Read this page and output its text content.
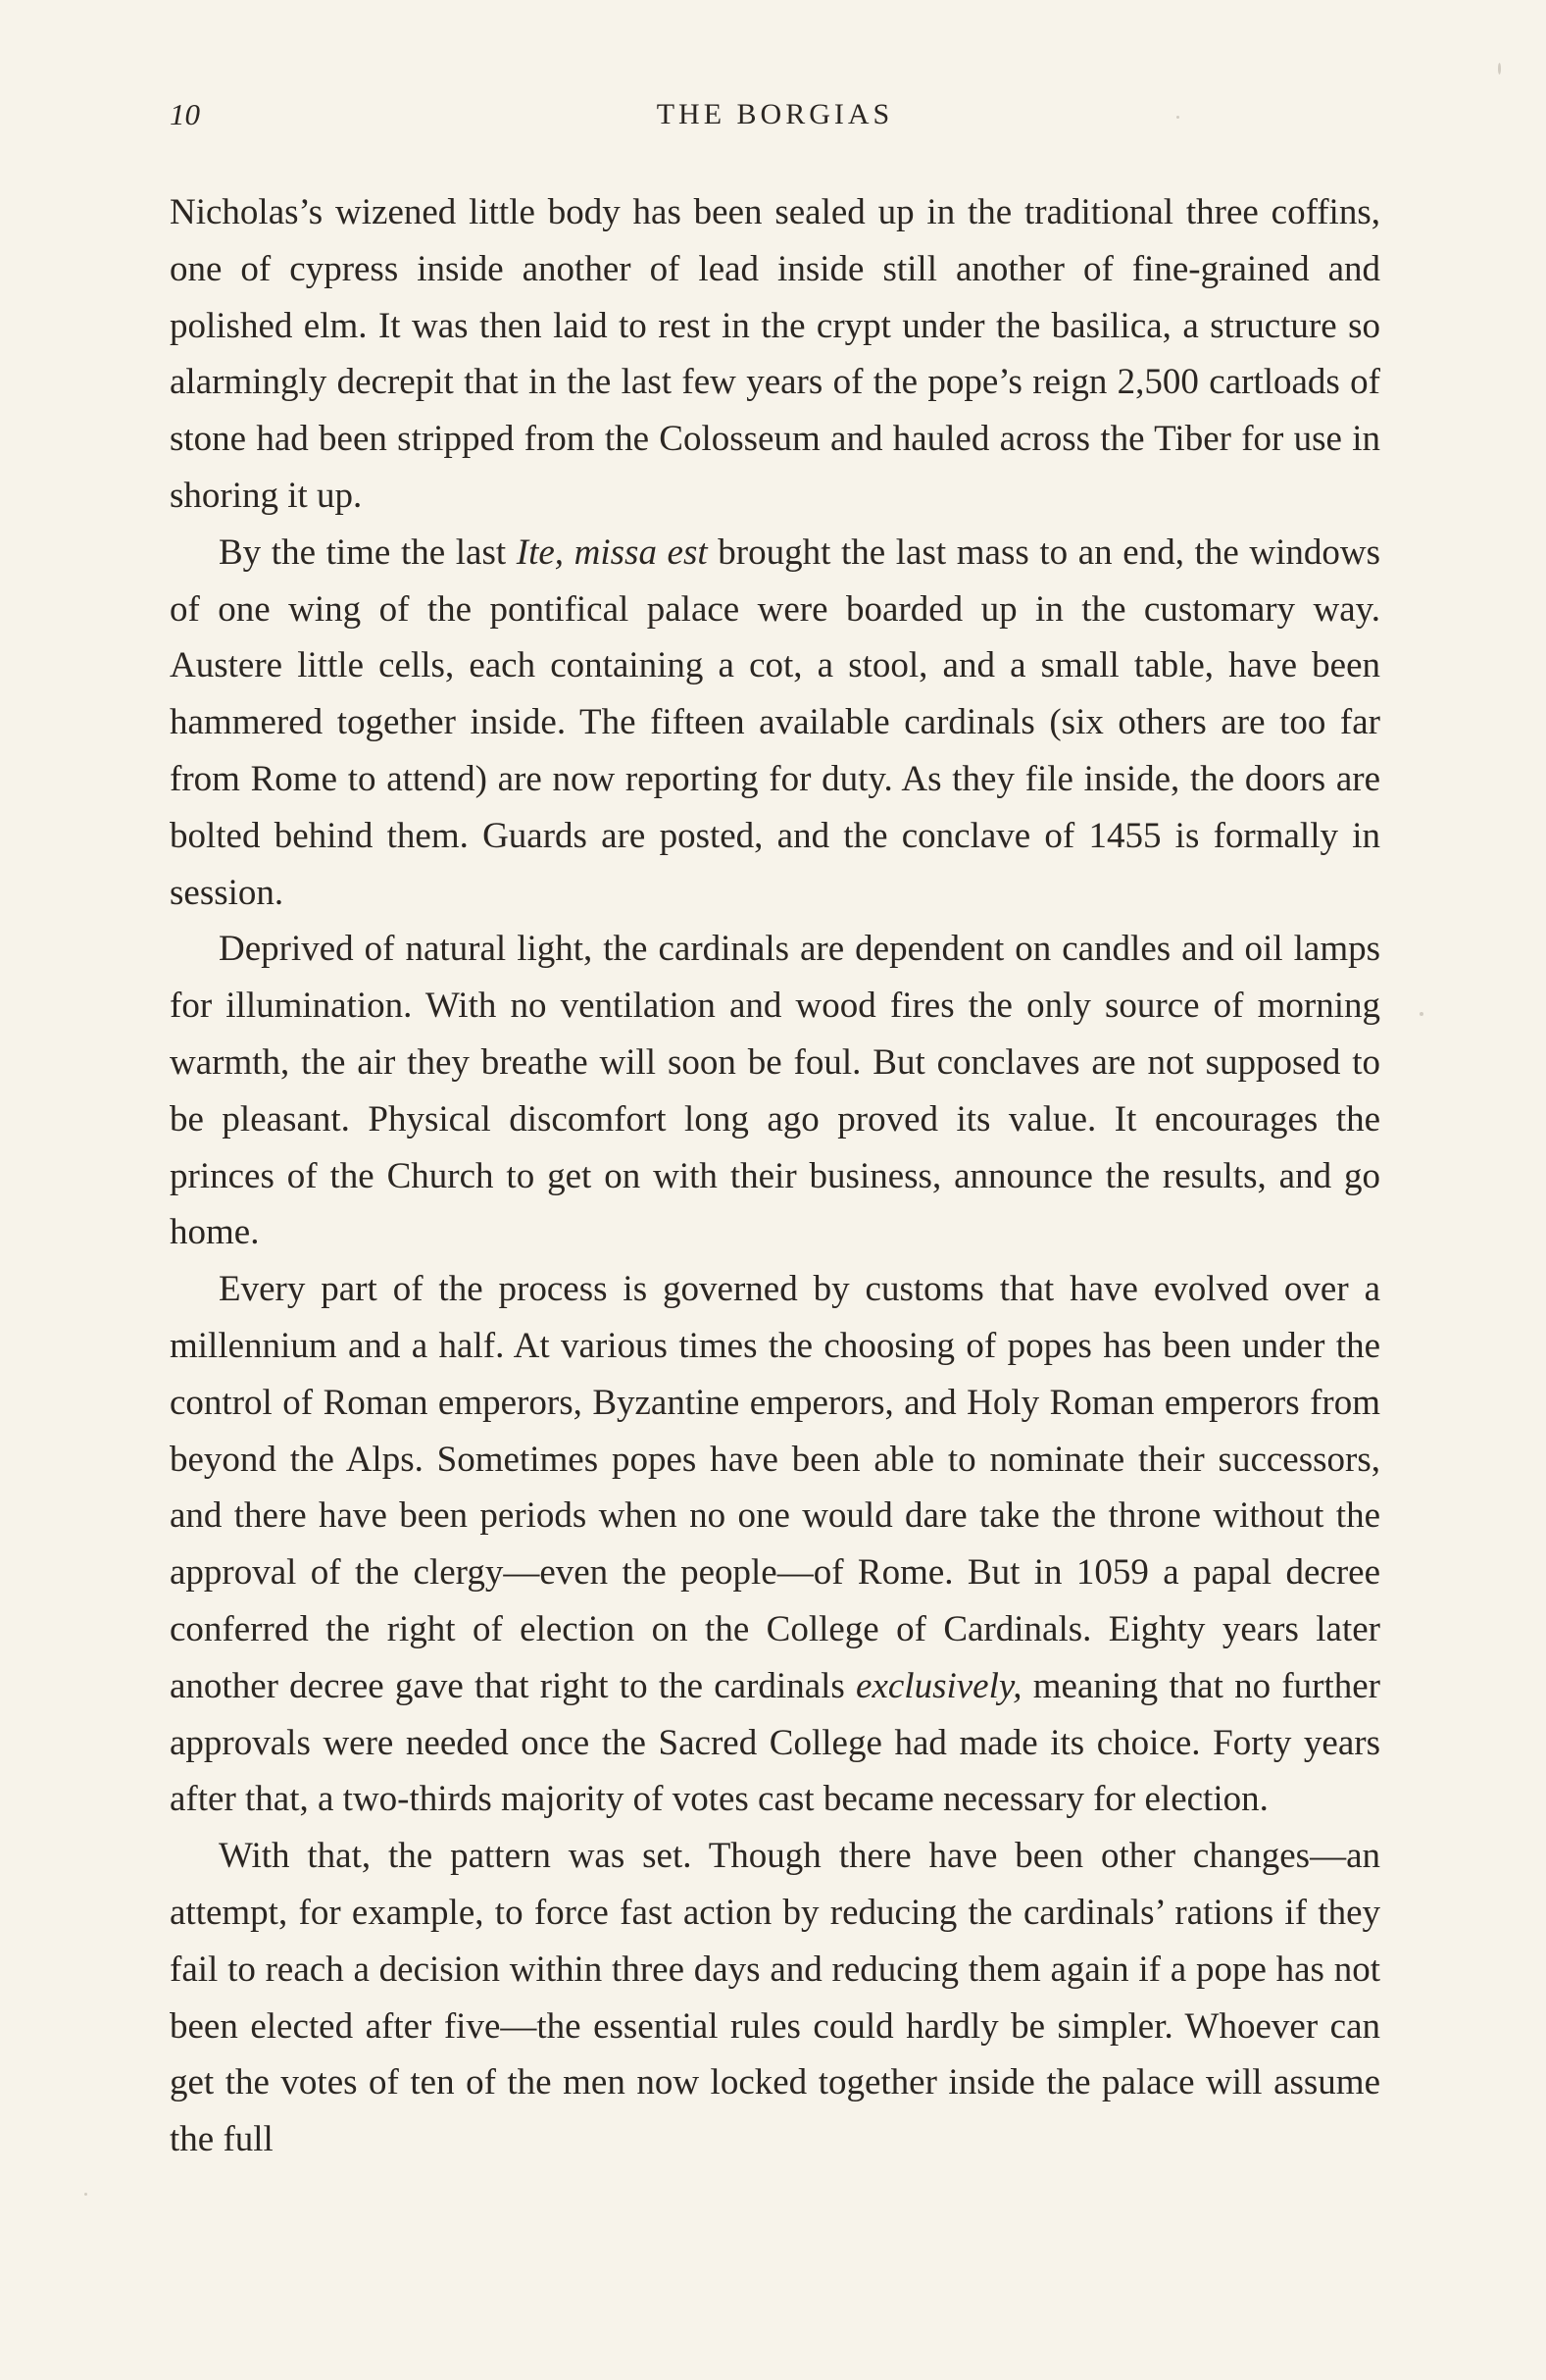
10	THE BORGIAS

Nicholas’s wizened little body has been sealed up in the traditional three coffins, one of cypress inside another of lead inside still another of fine-grained and polished elm. It was then laid to rest in the crypt under the basilica, a structure so alarmingly decrepit that in the last few years of the pope’s reign 2,500 cartloads of stone had been stripped from the Colosseum and hauled across the Tiber for use in shoring it up.

By the time the last Ite, missa est brought the last mass to an end, the windows of one wing of the pontifical palace were boarded up in the customary way. Austere little cells, each containing a cot, a stool, and a small table, have been hammered together inside. The fifteen available cardinals (six others are too far from Rome to attend) are now reporting for duty. As they file inside, the doors are bolted behind them. Guards are posted, and the conclave of 1455 is formally in session.

Deprived of natural light, the cardinals are dependent on candles and oil lamps for illumination. With no ventilation and wood fires the only source of morning warmth, the air they breathe will soon be foul. But conclaves are not supposed to be pleasant. Physical discomfort long ago proved its value. It encourages the princes of the Church to get on with their business, announce the results, and go home.

Every part of the process is governed by customs that have evolved over a millennium and a half. At various times the choosing of popes has been under the control of Roman emperors, Byzantine emperors, and Holy Roman emperors from beyond the Alps. Sometimes popes have been able to nominate their successors, and there have been periods when no one would dare take the throne without the approval of the clergy—even the people—of Rome. But in 1059 a papal decree conferred the right of election on the College of Cardinals. Eighty years later another decree gave that right to the cardinals exclusively, meaning that no further approvals were needed once the Sacred College had made its choice. Forty years after that, a two-thirds majority of votes cast became necessary for election.

With that, the pattern was set. Though there have been other changes—an attempt, for example, to force fast action by reducing the cardinals’ rations if they fail to reach a decision within three days and reducing them again if a pope has not been elected after five—the essential rules could hardly be simpler. Whoever can get the votes of ten of the men now locked together inside the palace will assume the full
